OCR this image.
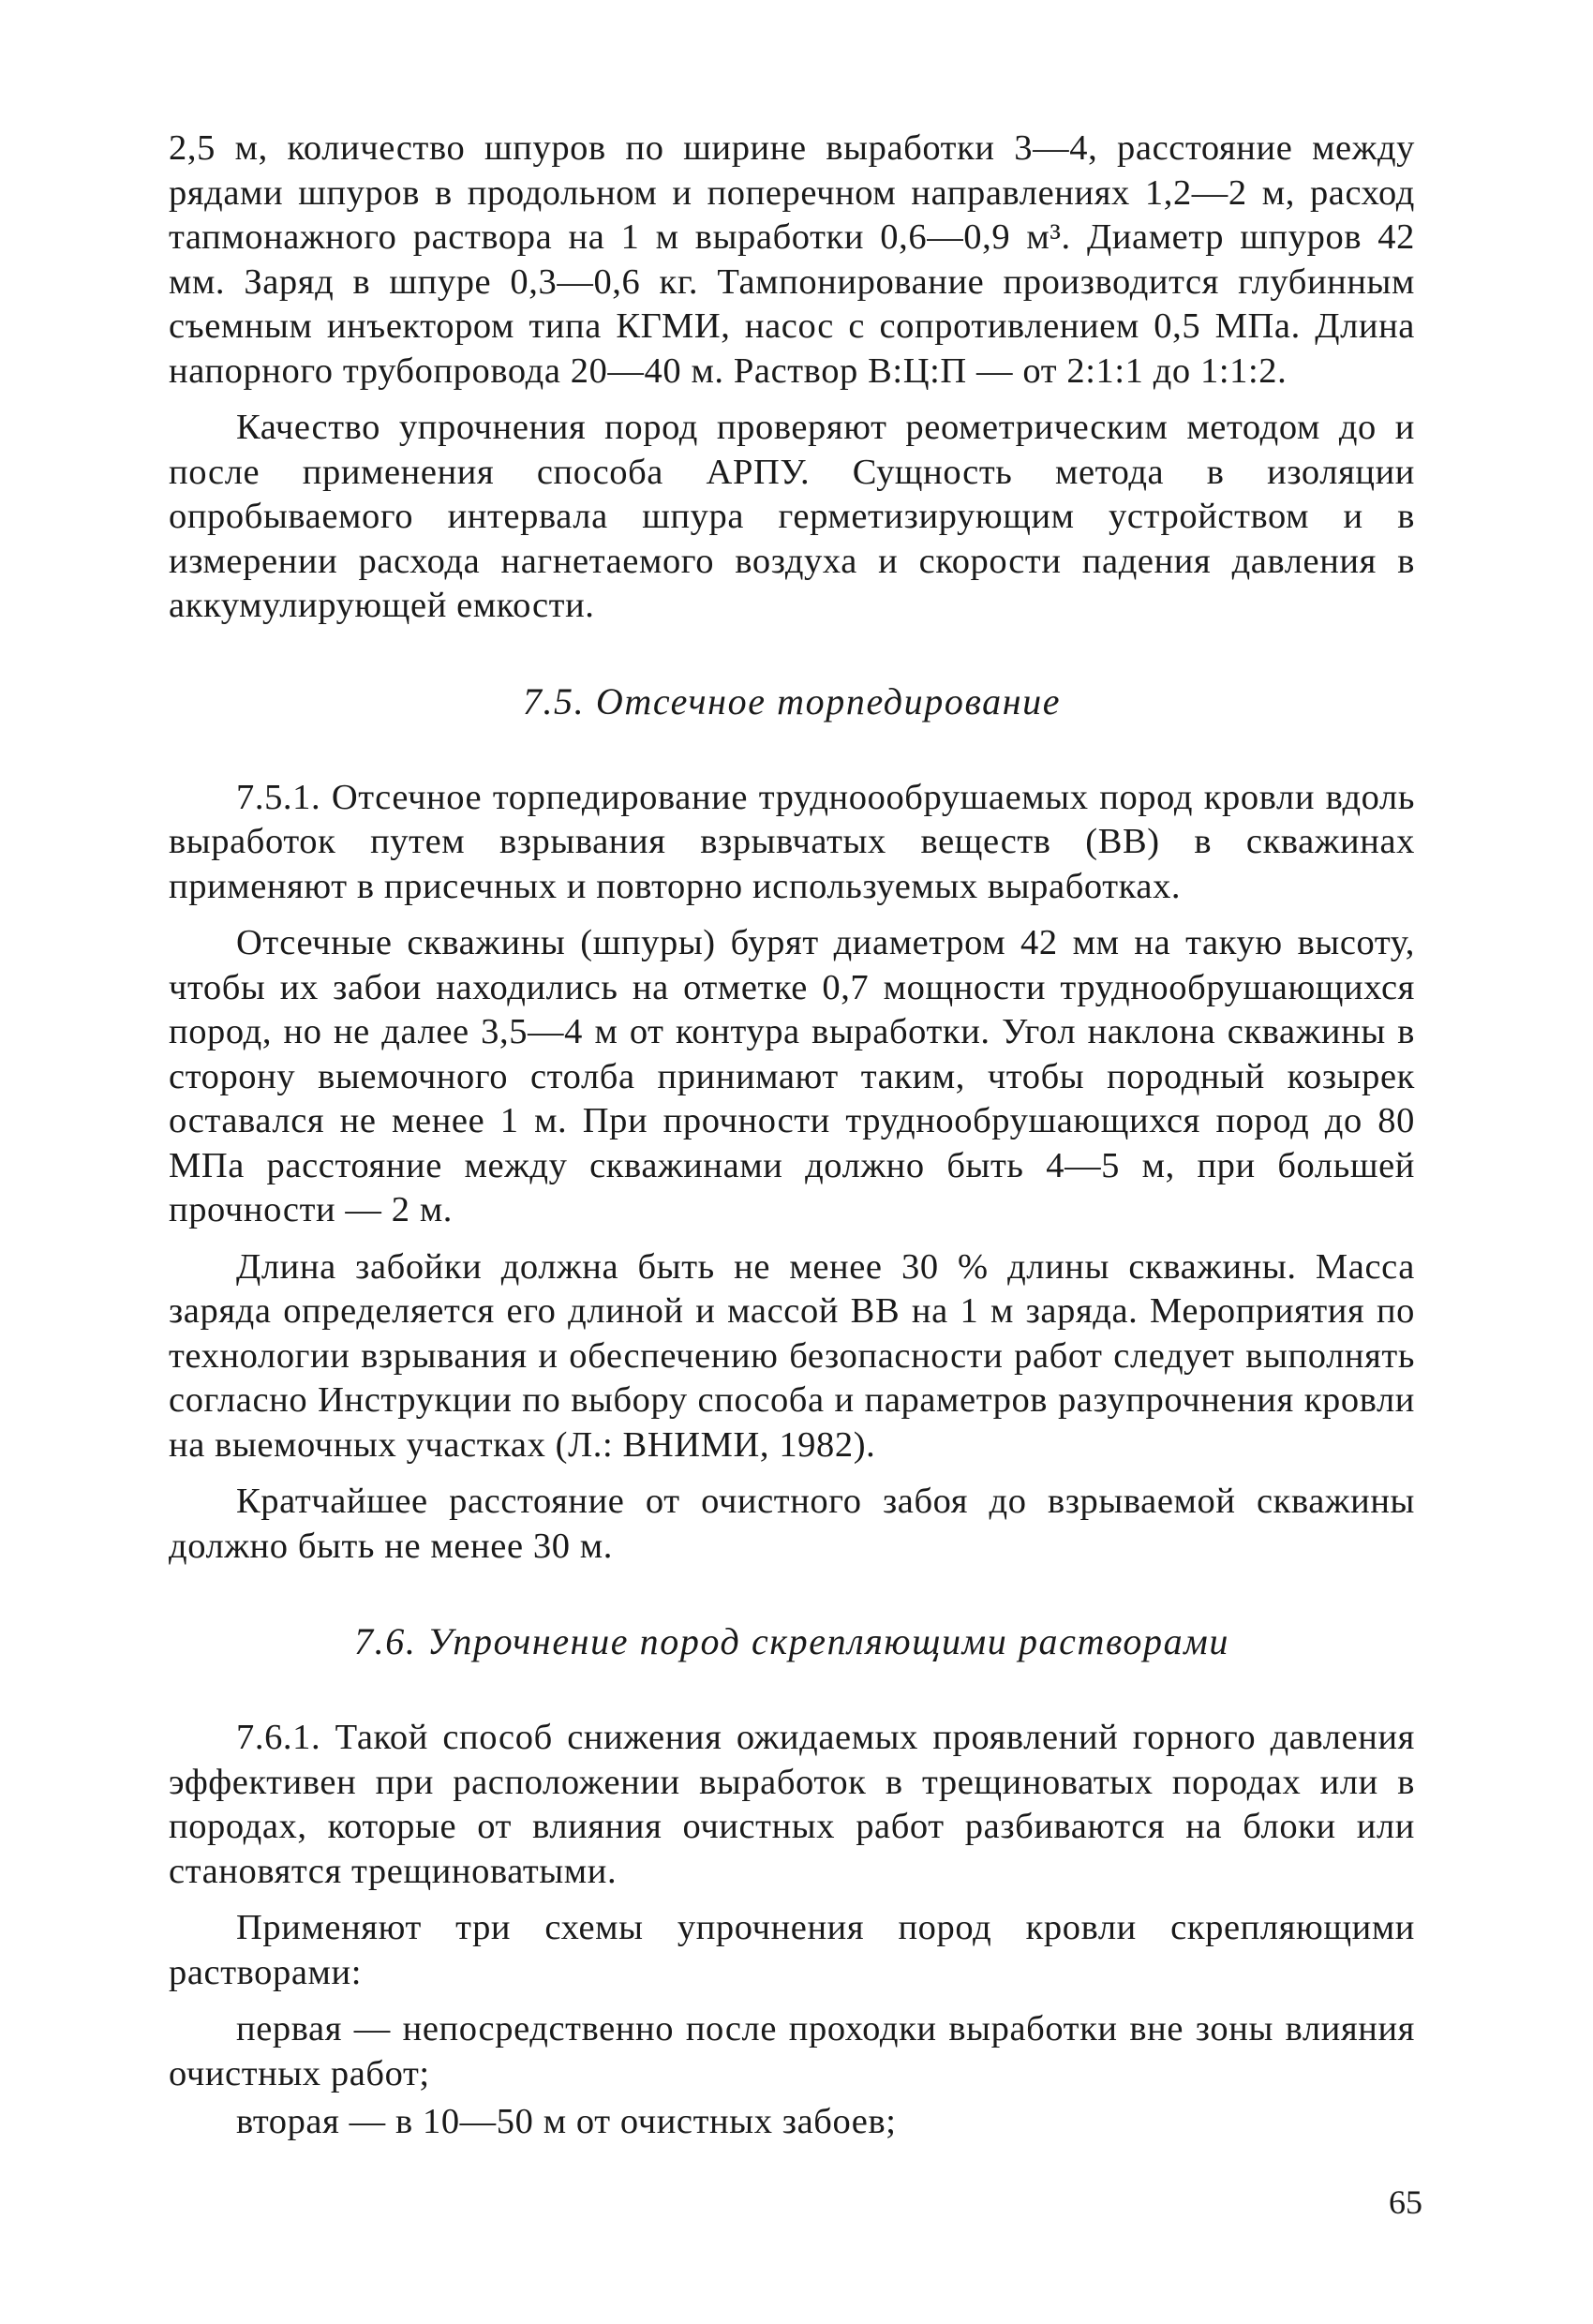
2,5 м, количество шпуров по ширине выработки 3—4, расстояние между рядами шпуров в продольном и поперечном направлениях 1,2—2 м, расход тапмонажного раствора на 1 м выработки 0,6—0,9 м³. Диаметр шпуров 42 мм. Заряд в шпуре 0,3—0,6 кг. Тампонирование производится глубинным съемным инъектором типа КГМИ, насос с сопротивлением 0,5 МПа. Длина напорного трубопровода 20—40 м. Раствор В:Ц:П — от 2:1:1 до 1:1:2.

Качество упрочнения пород проверяют реометрическим методом до и после применения способа АРПУ. Сущность метода в изоляции опробываемого интервала шпура герметизирующим устройством и в измерении расхода нагнетаемого воздуха и скорости падения давления в аккумулирующей емкости.

7.5. Отсечное торпедирование

7.5.1. Отсечное торпедирование трудноообрушаемых пород кровли вдоль выработок путем взрывания взрывчатых веществ (ВВ) в скважинах применяют в присечных и повторно используемых выработках.

Отсечные скважины (шпуры) бурят диаметром 42 мм на такую высоту, чтобы их забои находились на отметке 0,7 мощности труднообрушающихся пород, но не далее 3,5—4 м от контура выработки. Угол наклона скважины в сторону выемочного столба принимают таким, чтобы породный козырек оставался не менее 1 м. При прочности труднообрушающихся пород до 80 МПа расстояние между скважинами должно быть 4—5 м, при большей прочности — 2 м.

Длина забойки должна быть не менее 30 % длины скважины. Масса заряда определяется его длиной и массой ВВ на 1 м заряда. Мероприятия по технологии взрывания и обеспечению безопасности работ следует выполнять согласно Инструкции по выбору способа и параметров разупрочнения кровли на выемочных участках (Л.: ВНИМИ, 1982).

Кратчайшее расстояние от очистного забоя до взрываемой скважины должно быть не менее 30 м.

7.6. Упрочнение пород скрепляющими растворами

7.6.1. Такой способ снижения ожидаемых проявлений горного давления эффективен при расположении выработок в трещиноватых породах или в породах, которые от влияния очистных работ разбиваются на блоки или становятся трещиноватыми.

Применяют три схемы упрочнения пород кровли скрепляющими растворами:

первая — непосредственно после проходки выработки вне зоны влияния очистных работ;

вторая — в 10—50 м от очистных забоев;

65
